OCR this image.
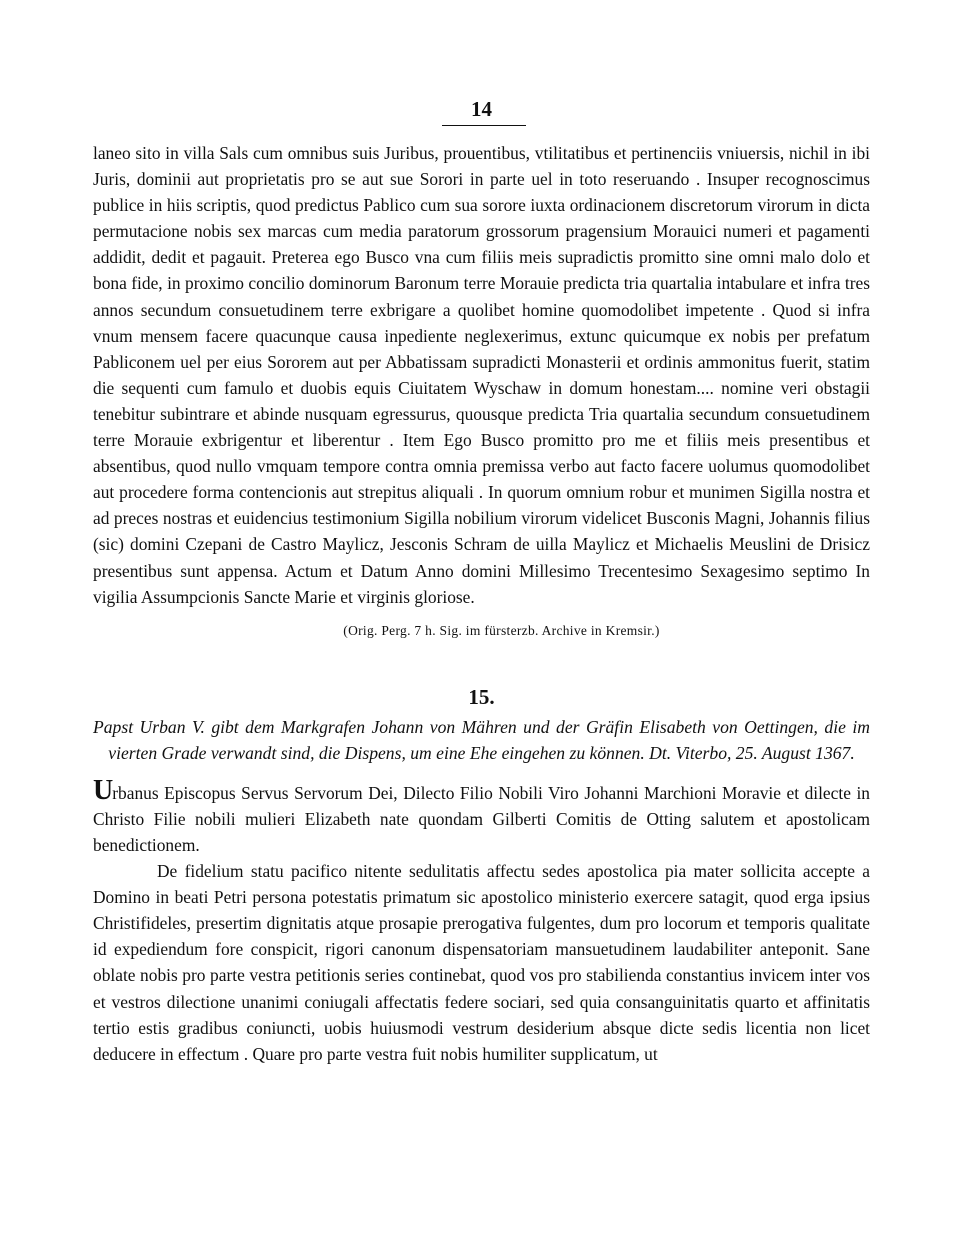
14

laneo sito in villa Sals cum omnibus suis Juribus, prouentibus, vtilitatibus et pertinenciis vniuersis, nichil in ibi Juris, dominii aut proprietatis pro se aut sue Sorori in parte uel in toto reseruando . Insuper recognoscimus publice in hiis scriptis, quod predictus Pablico cum sua sorore iuxta ordinacionem discretorum virorum in dicta permutacione nobis sex marcas cum media paratorum grossorum pragensium Morauici numeri et pagamenti addidit, dedit et pagauit. Preterea ego Busco vna cum filiis meis supradictis promitto sine omni malo dolo et bona fide, in proximo concilio dominorum Baronum terre Morauie predicta tria quartalia intabulare et infra tres annos secundum consuetudinem terre exbrigare a quolibet homine quomodolibet impetente . Quod si infra vnum mensem facere quacunque causa inpediente neglexerimus, extunc quicumque ex nobis per prefatum Pabliconem uel per eius Sororem aut per Abbatissam supradicti Monasterii et ordinis ammonitus fuerit, statim die sequenti cum famulo et duobis equis Ciuitatem Wyschaw in domum honestam.... nomine veri obstagii tenebitur subintrare et abinde nusquam egressurus, quousque predicta Tria quartalia secundum consuetudinem terre Morauie exbrigentur et liberentur . Item Ego Busco promitto pro me et filiis meis presentibus et absentibus, quod nullo vmquam tempore contra omnia premissa verbo aut facto facere uolumus quomodolibet aut procedere forma contencionis aut strepitus aliquali . In quorum omnium robur et munimen Sigilla nostra et ad preces nostras et euidencius testimonium Sigilla nobilium virorum videlicet Busconis Magni, Johannis filius (sic) domini Czepani de Castro Maylicz, Jesconis Schram de uilla Maylicz et Michaelis Meuslini de Drisicz presentibus sunt appensa. Actum et Datum Anno domini Millesimo Trecentesimo Sexagesimo septimo In vigilia Assumpcionis Sancte Marie et virginis gloriose.

(Orig. Perg. 7 h. Sig. im fürsterzb. Archive in Kremsir.)
15.
Papst Urban V. gibt dem Markgrafen Johann von Mähren und der Gräfin Elisabeth von Oettingen, die im vierten Grade verwandt sind, die Dispens, um eine Ehe eingehen zu können. Dt. Viterbo, 25. August 1367.

Urbanus Episcopus Servus Servorum Dei, Dilecto Filio Nobili Viro Johanni Marchioni Moravie et dilecte in Christo Filie nobili mulieri Elizabeth nate quondam Gilberti Comitis de Otting salutem et apostolicam benedictionem.

De fidelium statu pacifico nitente sedulitatis affectu sedes apostolica pia mater sollicita accepte a Domino in beati Petri persona potestatis primatum sic apostolico ministerio exercere satagit, quod erga ipsius Christifideles, presertim dignitatis atque prosapie prerogativa fulgentes, dum pro locorum et temporis qualitate id expediendum fore conspicit, rigori canonum dispensatoriam mansuetudinem laudabiliter anteponit. Sane oblate nobis pro parte vestra petitionis series continebat, quod vos pro stabilienda constantius invicem inter vos et vestros dilectione unanimi coniugali affectatis federe sociari, sed quia consanguinitatis quarto et affinitatis tertio estis gradibus coniuncti, uobis huiusmodi vestrum desiderium absque dicte sedis licentia non licet deducere in effectum . Quare pro parte vestra fuit nobis humiliter supplicatum, ut
